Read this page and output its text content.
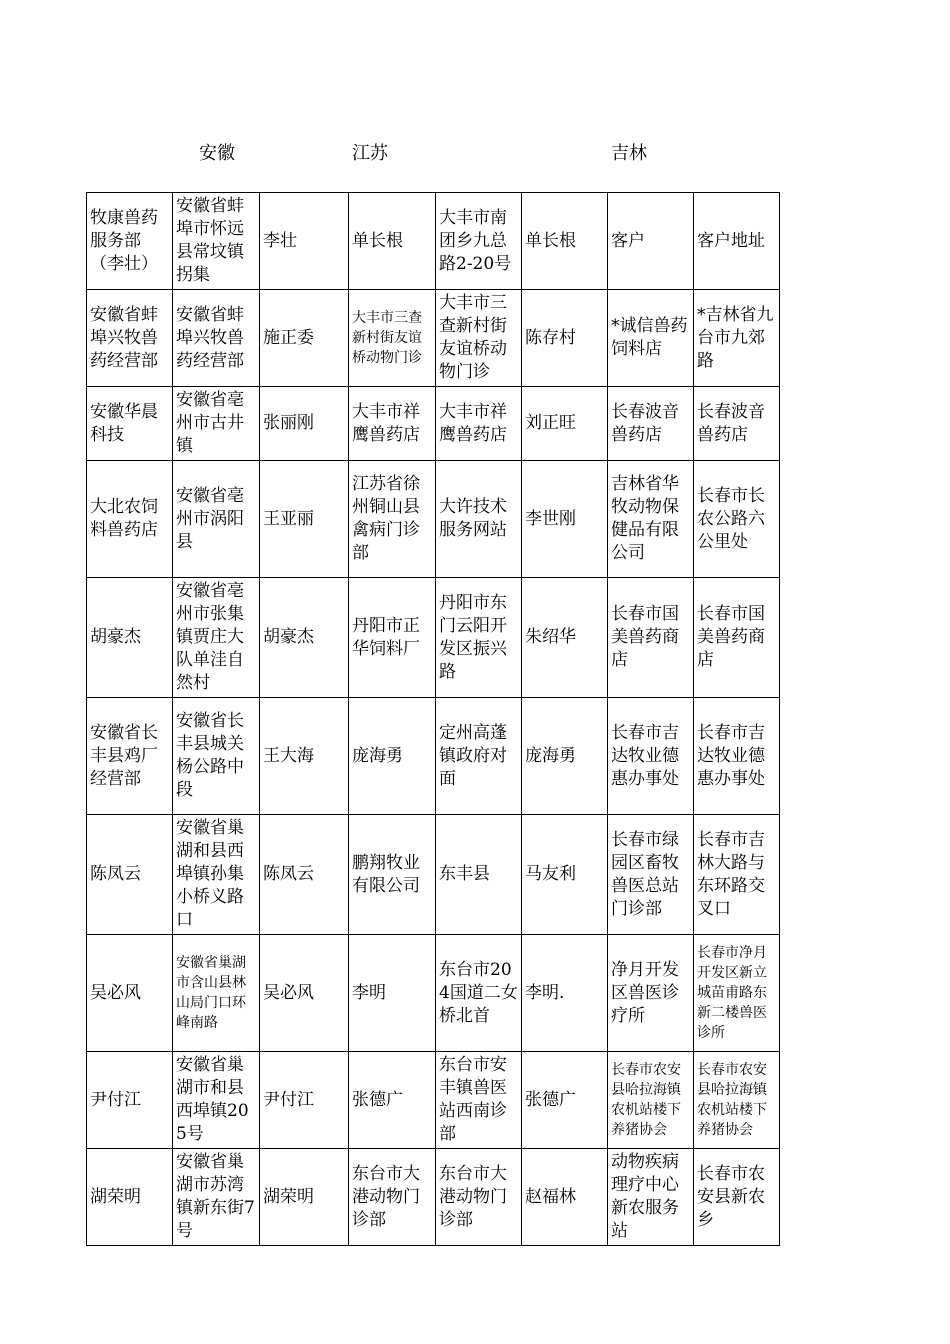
安徽	江苏	吉林
牧康兽药服务部（李壮）	安徽省蚌埠市怀远县常坟镇拐集	李壮	单长根	大丰市南团乡九总路2-20号	单长根	客户	客户地址
安徽省蚌埠兴牧兽药经营部	安徽省蚌埠兴牧兽药经营部	施正委	大丰市三查新村街友谊桥动物门诊	大丰市三查新村街友谊桥动物门诊	陈存村	*诚信兽药饲料店	*吉林省九台市九郊路
安徽华晨科技	安徽省亳州市古井镇	张丽刚	大丰市祥鹰兽药店	大丰市祥鹰兽药店	刘正旺	长春波音兽药店	长春波音兽药店
大北农饲料兽药店	安徽省亳州市涡阳县	王亚丽	江苏省徐州铜山县禽病门诊部	大许技术服务网站	李世刚	吉林省华牧动物保健品有限公司	长春市长农公路六公里处
胡豪杰	安徽省亳州市张集镇贾庄大队单洼自然村	胡豪杰	丹阳市正华饲料厂	丹阳市东门云阳开发区振兴路	朱绍华	长春市国美兽药商店	长春市国美兽药商店
安徽省长丰县鸡厂经营部	安徽省长丰县城关杨公路中段	王大海	庞海勇	定州高蓬镇政府对面	庞海勇	长春市吉达牧业德惠办事处	长春市吉达牧业德惠办事处
陈凤云	安徽省巢湖和县西埠镇孙集小桥义路口	陈凤云	鹏翔牧业有限公司	东丰县	马友利	长春市绿园区畜牧兽医总站门诊部	长春市吉林大路与东环路交叉口
吴必风	安徽省巢湖市含山县林山局门口环峰南路	吴必风	李明	东台市204国道二女桥北首	李明.	净月开发区兽医诊疗所	长春市净月开发区新立城苗甫路东新二楼兽医诊所
尹付江	安徽省巢湖市和县西埠镇205号	尹付江	张德广	东台市安丰镇兽医站西南诊部	张德广	长春市农安县哈拉海镇农机站楼下养猪协会	长春市农安县哈拉海镇农机站楼下养猪协会
湖荣明	安徽省巢湖市苏湾镇新东街7号	湖荣明	东台市大港动物门诊部	东台市大港动物门诊部	赵福林	动物疾病理疗中心新农服务站	长春市农安县新农乡
